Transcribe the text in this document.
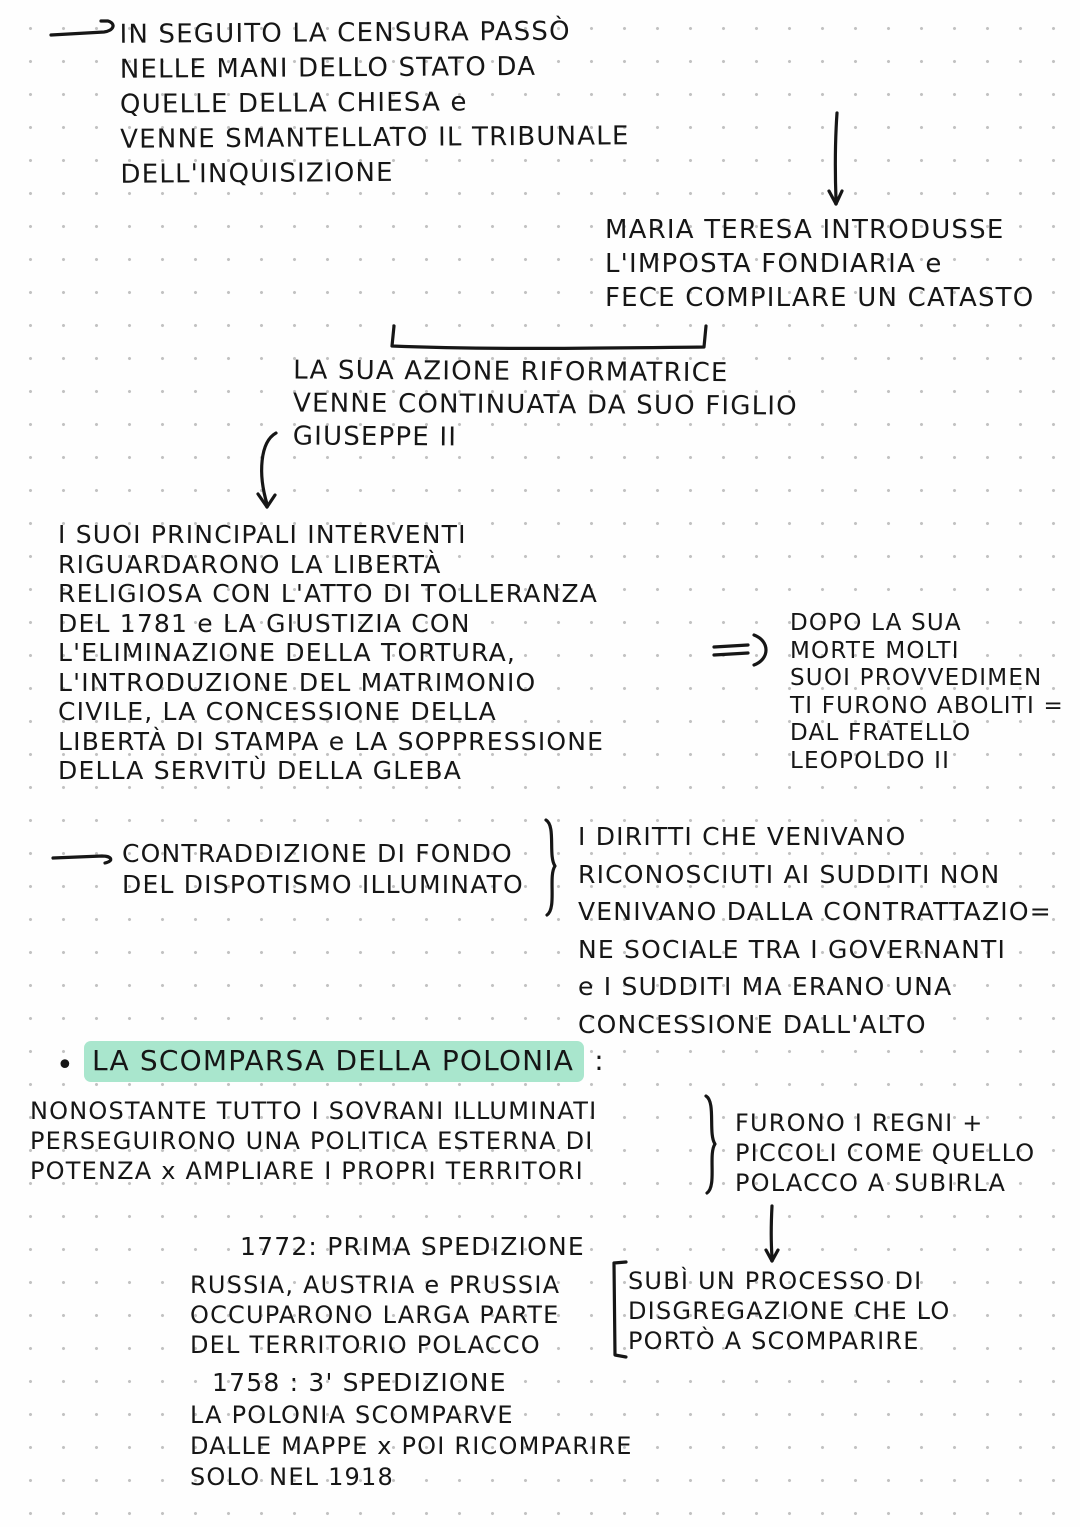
IN SEGUITO LA CENSURA PASSÒ
NELLE MANI DELLO STATO DA
QUELLE DELLA CHIESA e
VENNE SMANTELLATO IL TRIBUNALE
DELL'INQUISIZIONE
MARIA TERESA INTRODUSSE
L'IMPOSTA FONDIARIA e
FECE COMPILARE UN CATASTO
LA SUA AZIONE RIFORMATRICE
VENNE CONTINUATA DA SUO FIGLIO
GIUSEPPE II
I SUOI PRINCIPALI INTERVENTI
RIGUARDARONO LA LIBERTÀ
RELIGIOSA CON L'ATTO DI TOLLERANZA
DEL 1781 e LA GIUSTIZIA CON
L'ELIMINAZIONE DELLA TORTURA,
L'INTRODUZIONE DEL MATRIMONIO
CIVILE, LA CONCESSIONE DELLA
LIBERTÀ DI STAMPA e LA SOPPRESSIONE
DELLA SERVITÙ DELLA GLEBA
DOPO LA SUA
MORTE MOLTI
SUOI PROVVEDIMEN
TI FURONO ABOLITI =
DAL FRATELLO
LEOPOLDO II
CONTRADDIZIONE DI FONDO
DEL DISPOTISMO ILLUMINATO
I DIRITTI CHE VENIVANO
RICONOSCIUTI AI SUDDITI NON
VENIVANO DALLA CONTRATTAZIO=
NE SOCIALE TRA I GOVERNANTI
e I SUDDITI MA ERANO UNA
CONCESSIONE DALL'ALTO
• LA SCOMPARSA DELLA POLONIA :
NONOSTANTE TUTTO I SOVRANI ILLUMINATI
PERSEGUIRONO UNA POLITICA ESTERNA DI
POTENZA x AMPLIARE I PROPRI TERRITORI
FURONO I REGNI +
PICCOLI COME QUELLO
POLACCO A SUBIRLA
1772: PRIMA SPEDIZIONE
RUSSIA, AUSTRIA e PRUSSIA
OCCUPARONO LARGA PARTE
DEL TERRITORIO POLACCO
SUBÌ UN PROCESSO DI
DISGREGAZIONE CHE LO
PORTÒ A SCOMPARIRE
1758 : 3' SPEDIZIONE
LA POLONIA SCOMPARVE
DALLE MAPPE x POI RICOMPARIRE
SOLO NEL 1918
